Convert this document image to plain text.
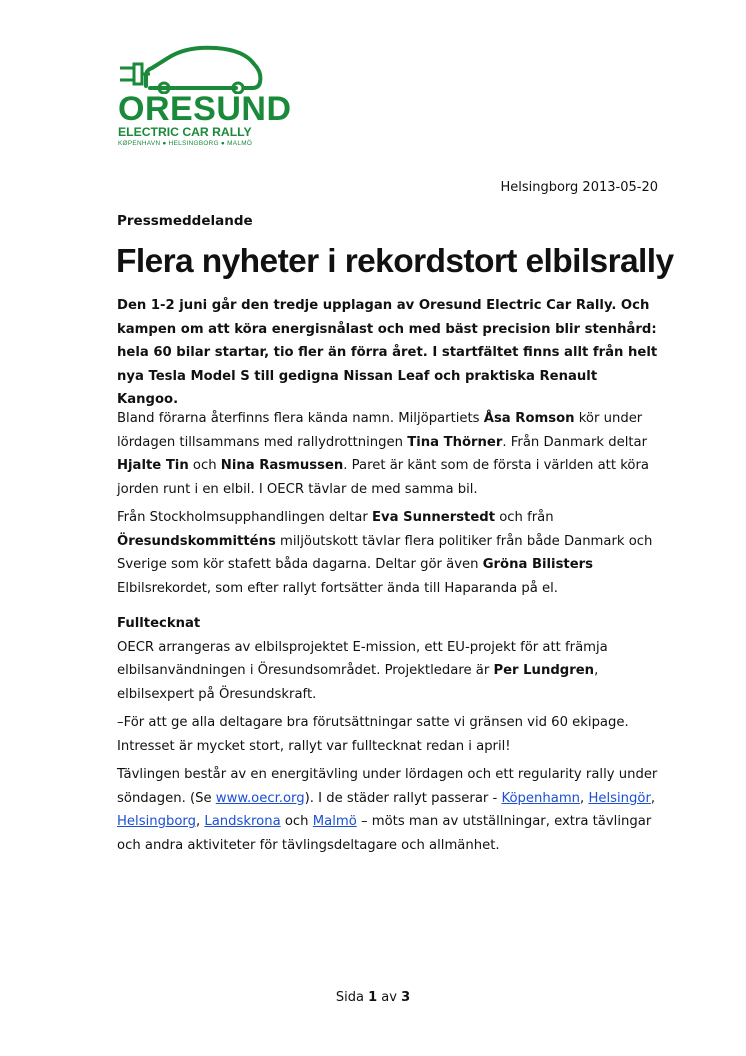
ORESUND
ELECTRIC CAR RALLY
KØPENHAVN ● HELSINGBORG ● MALMÖ
Helsingborg 2013-05-20
Pressmeddelande
Flera nyheter i rekordstort elbilsrally
Den 1-2 juni går den tredje upplagan av Oresund Electric Car Rally. Och kampen om att köra energisnålast och med bäst precision blir stenhård: hela 60 bilar startar, tio fler än förra året. I startfältet finns allt från helt nya Tesla Model S till gedigna Nissan Leaf och praktiska Renault Kangoo.

Bland förarna återfinns flera kända namn. Miljöpartiets Åsa Romson kör under lördagen tillsammans med rallydrottningen Tina Thörner. Från Danmark deltar Hjalte Tin och Nina Rasmussen. Paret är känt som de första i världen att köra jorden runt i en elbil. I OECR tävlar de med samma bil.

Från Stockholmsupphandlingen deltar Eva Sunnerstedt och från Öresundskommitténs miljöutskott tävlar flera politiker från både Danmark och Sverige som kör stafett båda dagarna. Deltar gör även Gröna Bilisters Elbilsrekordet, som efter rallyt fortsätter ända till Haparanda på el.

Fulltecknat

OECR arrangeras av elbilsprojektet E-mission, ett EU-projekt för att främja elbilsanvändningen i Öresundsområdet. Projektledare är Per Lundgren, elbilsexpert på Öresundskraft.

–För att ge alla deltagare bra förutsättningar satte vi gränsen vid 60 ekipage. Intresset är mycket stort, rallyt var fulltecknat redan i april!

Tävlingen består av en energitävling under lördagen och ett regularity rally under söndagen. (Se www.oecr.org). I de städer rallyt passerar - Köpenhamn, Helsingör, Helsingborg, Landskrona och Malmö – möts man av utställningar, extra tävlingar och andra aktiviteter för tävlingsdeltagare och allmänhet.

Sida 1 av 3
